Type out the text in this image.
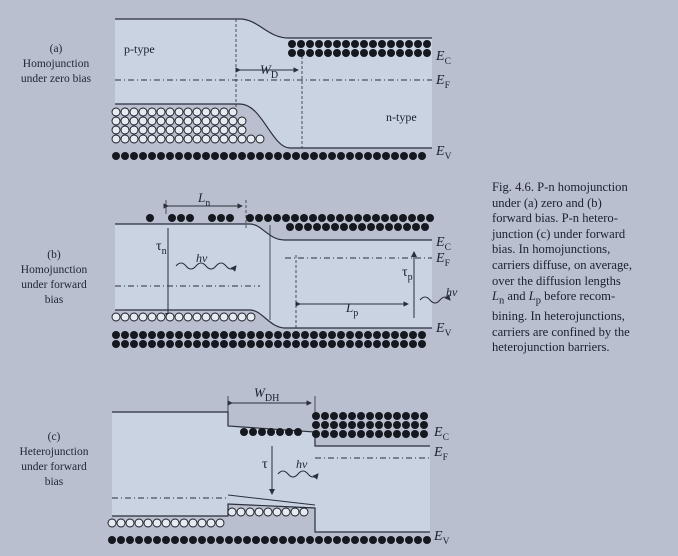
(a)
Homojunction
under zero bias
(b)
Homojunction
under forward
bias
(c)
Heterojunction
under forward
bias
p-type
n-type
$W_D$
$E_C$
$E_F$
$E_V$
$L_n$
$\tau_n$ hν
$\tau_p$
hν
$L_p$
$E_C$
$E_F$
$E_V$
$W_{DH}$
τ hν
$E_C$
$E_F$
$E_V$
Fig. 4.6. P-n homojunction
under (a) zero and (b)
forward bias. P-n hetero-
junction (c) under forward
bias. In homojunctions,
carriers diffuse, on average,
over the diffusion lengths
$L_n$ and $L_p$ before recom-
bining. In heterojunctions,
carriers are confined by the
heterojunction barriers.
